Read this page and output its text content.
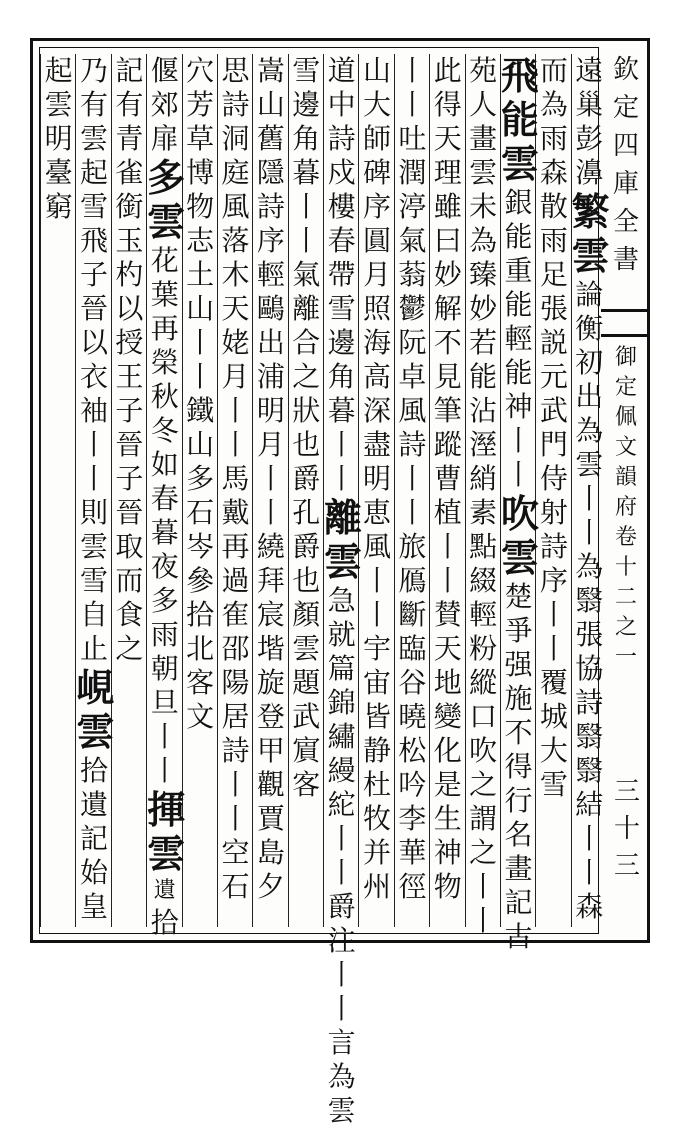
遠
巢
彭
濞
繁
雲
論
衡
初
出
為
雲
丨
丨
為
翳
張
協
詩
翳
翳
結
丨
丨
森
而
為
雨
森
散
雨
足
張
説
元
武
門
侍
射
詩
序
丨
丨
覆
城
大
雪
飛
能
雲
銀
能
重
能
輕
能
神
丨
丨
吹
雲
楚
爭
强
施
不
得
行
名
畫
記
古
苑
人
畫
雲
未
為
臻
妙
若
能
沾
溼
綃
素
點
綴
輕
粉
縱
口
吹
之
謂
之
丨
丨
此
得
天
理
雖
曰
妙
解
不
見
筆
蹤
曹
植
丨
丨
賛
天
地
變
化
是
生
神
物
丨
丨
吐
潤
渟
氣
蓊
鬱
阮
卓
風
詩
丨
丨
旅
鴈
斷
臨
谷
曉
松
吟
李
華
徑
山
大
師
碑
序
圓
月
照
海
高
深
盡
明
恵
風
丨
丨
宇
宙
皆
静
杜
牧
并
州
道
中
詩
戍
樓
春
帶
雪
邊
角
暮
丨
丨
離
雲
急
就
篇
錦
繡
縵
紽
丨
丨
爵
注
丨
丨
言
為
雲
雪
邊
角
暮
丨
丨
氣
離
合
之
狀
也
爵
孔
爵
也
顏
雲
題
武
賔
客
嵩
山
舊
隱
詩
序
輕
鷗
出
浦
明
月
丨
丨
繞
拜
宸
堦
旋
登
甲
觀
賈
島
夕
思
詩
洞
庭
風
落
木
天
姥
月
丨
丨
馬
戴
再
過
隺
邵
陽
居
詩
丨
丨
空
石
穴
芳
草
博
物
志
土
山
丨
丨
鐵
山
多
石
岑
參
拾
北
客
文
偃
郊
扉
多
雲
花
葉
再
榮
秋
冬
如
春
暮
夜
多
雨
朝
旦
丨
丨
揮
雲
遺
拾
記
有
青
雀
銜
玉
杓
以
授
王
子
晉
子
晉
取
而
食
之
乃
有
雲
起
雪
飛
子
晉
以
衣
袖
丨
丨
則
雲
雪
自
止
峴
雲
拾
遺
記
始
皇
起
雲
明
臺
窮
欽
定
四
庫
全
書
御
定
佩
文
韻
府
卷
十
二
之
一
三十三
